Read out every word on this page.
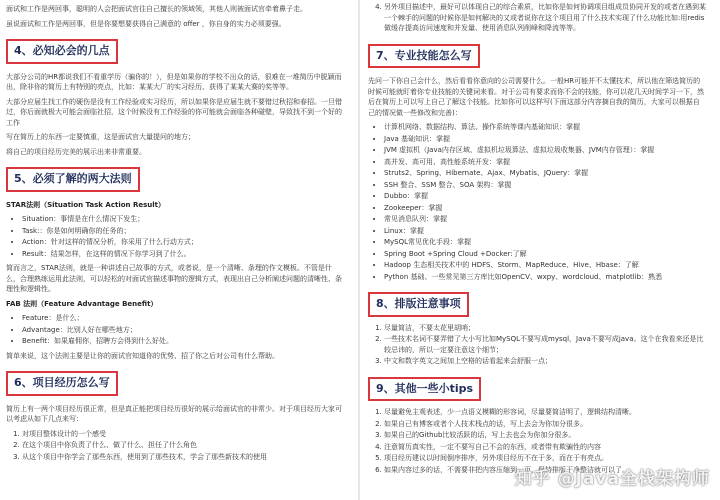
面试和工作是两回事，聪明的人会把面试官往自己擅长的领域领，其他人则被面试官牵着鼻子走。

虽说面试和工作是两回事，但是你要想要获得自己满意的 offer ，你自身的实力必须要强。

4、必知必会的几点

大部分公司的HR都说我们不看重学历（骗你的！），但是如果你的学校不出众的话，很难在一堆简历中脱颖而出，除非你的简历上有特别的亮点，比如：某某大厂的实习经历、获得了某某大赛的奖等等。

大部分应届生找工作的硬伤是没有工作经验或实习经历，所以如果你是应届生就不要错过秋招和春招。一旦错过，你后面就极大可能会面临社招，这个时候没有工作经验的你可能就会面临各种碰壁，导致找不到一个好的工作

写在简历上的东西一定要慎重，这是面试官大量提问的地方；

将自己的项目经历完美的展示出来非常重要。

5、必须了解的两大法则

STAR法则（Situation Task Action Result）

• Situation：事情是在什么情况下发生；
• Task:：你是如何明确你的任务的；
• Action：针对这样的情况分析，你采用了什么行动方式；
• Result：结果怎样，在这样的情况下你学习到了什么。

简而言之，STAR法则，就是一种讲述自己故事的方式，或者说，是一个清晰、条理的作文模板。不管是什么，合理熟练运用此法则，可以轻松的对面试官描述事物的逻辑方式，表现出自己分析阐述问题的清晰性、条理性和逻辑性。

FAB 法则（Feature Advantage Benefit）

• Feature：是什么；
• Advantage：比别人好在哪些地方；
• Benefit：如果雇佣你，招聘方会得到什么好处。

简单来说，这个法则主要是让你的面试官知道你的优势、招了你之后对公司有什么帮助。

6、项目经历怎么写

简历上有一两个项目经历很正常，但是真正能把项目经历很好的展示给面试官的非常少。对于项目经历大家可以考虑从如下几点来写：

1. 对项目整体设计的一个感受
2. 在这个项目中你负责了什么、做了什么、担任了什么角色
3. 从这个项目中你学会了那些东西，使用到了那些技术，学会了那些新技术的使用
4. 另外项目描述中，最好可以体现自己的综合素质，比如你是如何协调项目组成员协同开发的或者在遇到某一个棘手的问题的时候你是如何解决的又或者说你在这个项目用了什么技术实现了什么功能比如:用redis做缓存提高访问速度和并发量、使用消息队列削峰和降流等等。
7、专业技能怎么写

先问一下你自己会什么，然后看看你意向的公司需要什么。一般HR可能并不太懂技术，所以他在筛选简历的时候可能就盯着你专业技能的关键词来看。对于公司有要求而你不会的技能，你可以花几天时间学习一下，然后在简历上可以写上自己了解这个技能。比如你可以这样写(下面这部分内容摘自我的简历，大家可以根据自己的情况做一些修改和完善)：

• 计算机网络、数据结构、算法、操作系统等课内基础知识：掌握
• Java 基础知识：掌握
• JVM 虚拟机（Java内存区域、虚拟机垃圾算法、虚拟垃圾收集器、JVM内存管理）：掌握
• 高并发、高可用、高性能系统开发：掌握
• Struts2、Spring、Hibernate、Ajax、Mybatis、JQuery：掌握
• SSH 整合、SSM 整合、SOA 架构：掌握
• Dubbo：掌握
• Zookeeper：掌握
• 常见消息队列：掌握
• Linux：掌握
• MySQL常见优化手段：掌握
• Spring Boot +Spring Cloud +Docker:了解
• Hadoop 生态相关技术中的 HDFS、Storm、MapReduce、Hive、Hbase：了解
• Python 基础、一些常见第三方库比如OpenCV、wxpy、wordcloud、matplotlib：熟悉
8、排版注意事项
1. 尽量简洁，不要太花里胡哨；
2. 一些技术名词不要弄错了大小写比如MySQL不要写成mysql，Java不要写成java。这个在我看来还是比较忌讳的，所以一定要注意这个细节；
3. 中文和数字英文之间加上空格的话看起来会舒服一点；
9、其他一些小tips
1. 尽量避免主观表述，少一点语义模糊的形容词，尽量要简洁明了，逻辑结构清晰。
2. 如果自己有博客或者个人技术栈点的话，写上去会为你加分很多。
3. 如果自己的Github比较活跃的话，写上去也会为你加分很多。
4. 注意简历真实性，一定不要写自己不会的东西，或者带有欺骗性的内容
5. 项目经历建议以时间倒序排序，另外项目经历不在于多，而在于有亮点。
6. 如果内容过多的话，不需要非把内容压缩到一页，保持排版干净整洁就可以了。
知乎 @Java全栈架构师
